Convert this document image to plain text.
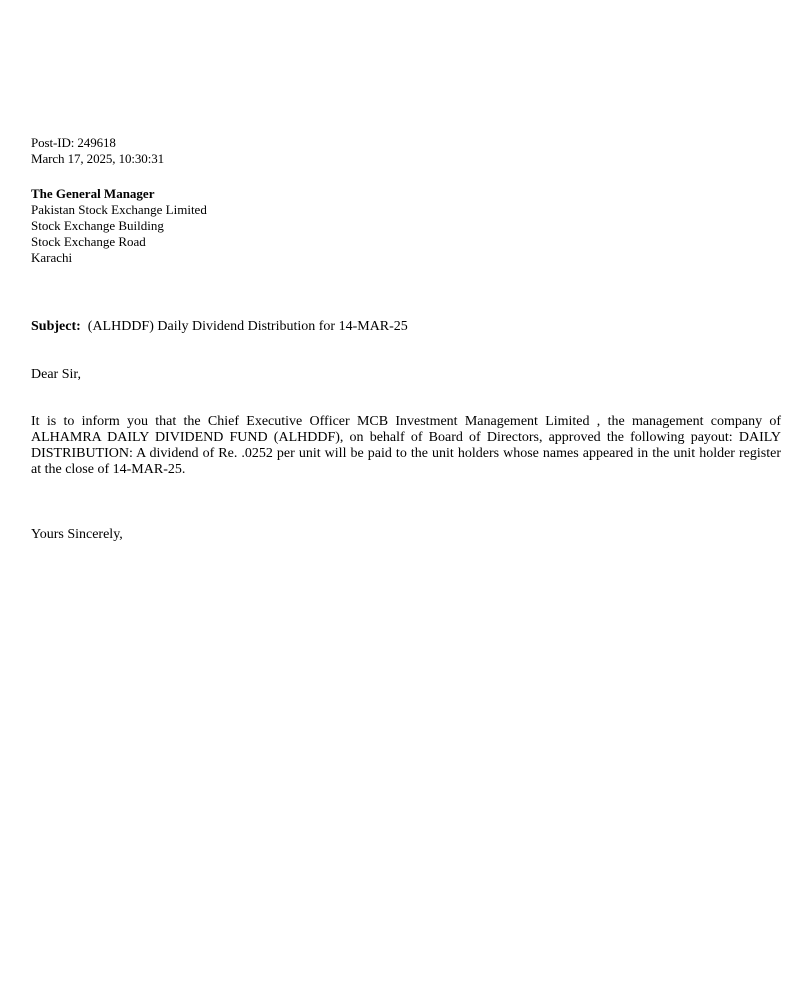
Post-ID: 249618
March 17, 2025, 10:30:31
The General Manager
Pakistan Stock Exchange Limited
Stock Exchange Building
Stock Exchange Road
Karachi
Subject: (ALHDDF) Daily Dividend Distribution for 14-MAR-25
Dear Sir,

It is to inform you that the Chief Executive Officer MCB Investment Management Limited , the management company of ALHAMRA DAILY DIVIDEND FUND (ALHDDF), on behalf of Board of Directors, approved the following payout: DAILY DISTRIBUTION: A dividend of Re. .0252 per unit will be paid to the unit holders whose names appeared in the unit holder register at the close of 14-MAR-25.

Yours Sincerely,
